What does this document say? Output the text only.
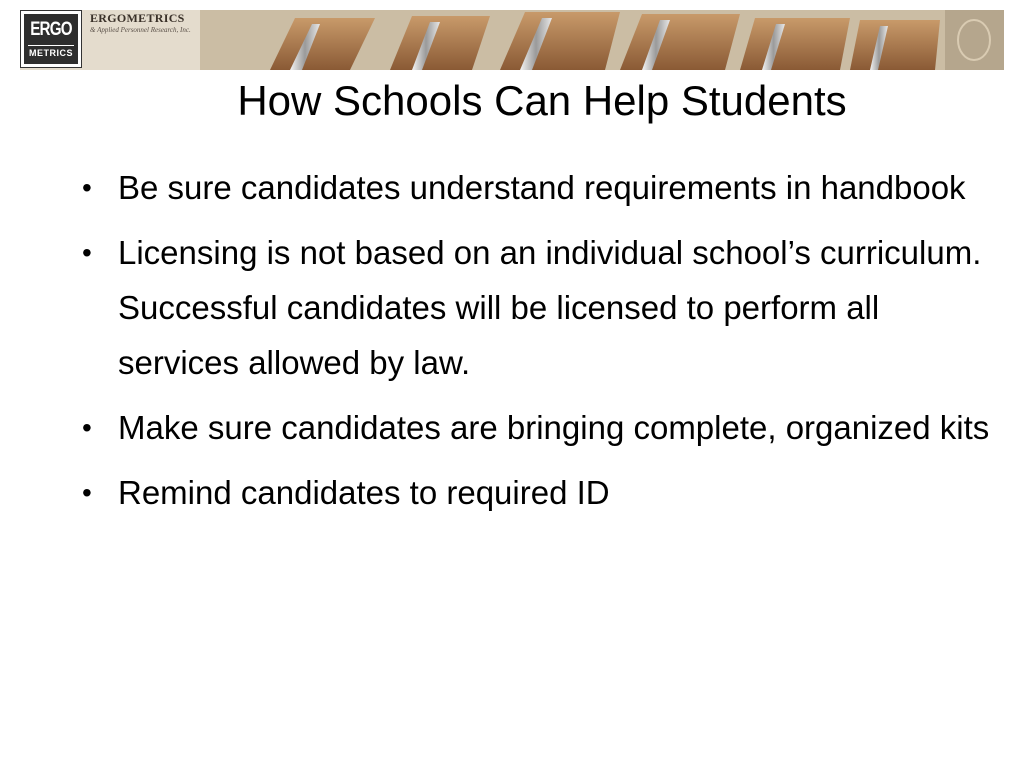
ERGO
METRICS
ERGOMETRICS
& Applied Personnel Research, Inc.
How Schools Can Help Students
• Be sure candidates understand requirements in handbook
• Licensing is not based on an individual school’s curriculum. Successful candidates will be licensed to perform all services allowed by law.
• Make sure candidates are bringing complete, organized kits
• Remind candidates to required ID
